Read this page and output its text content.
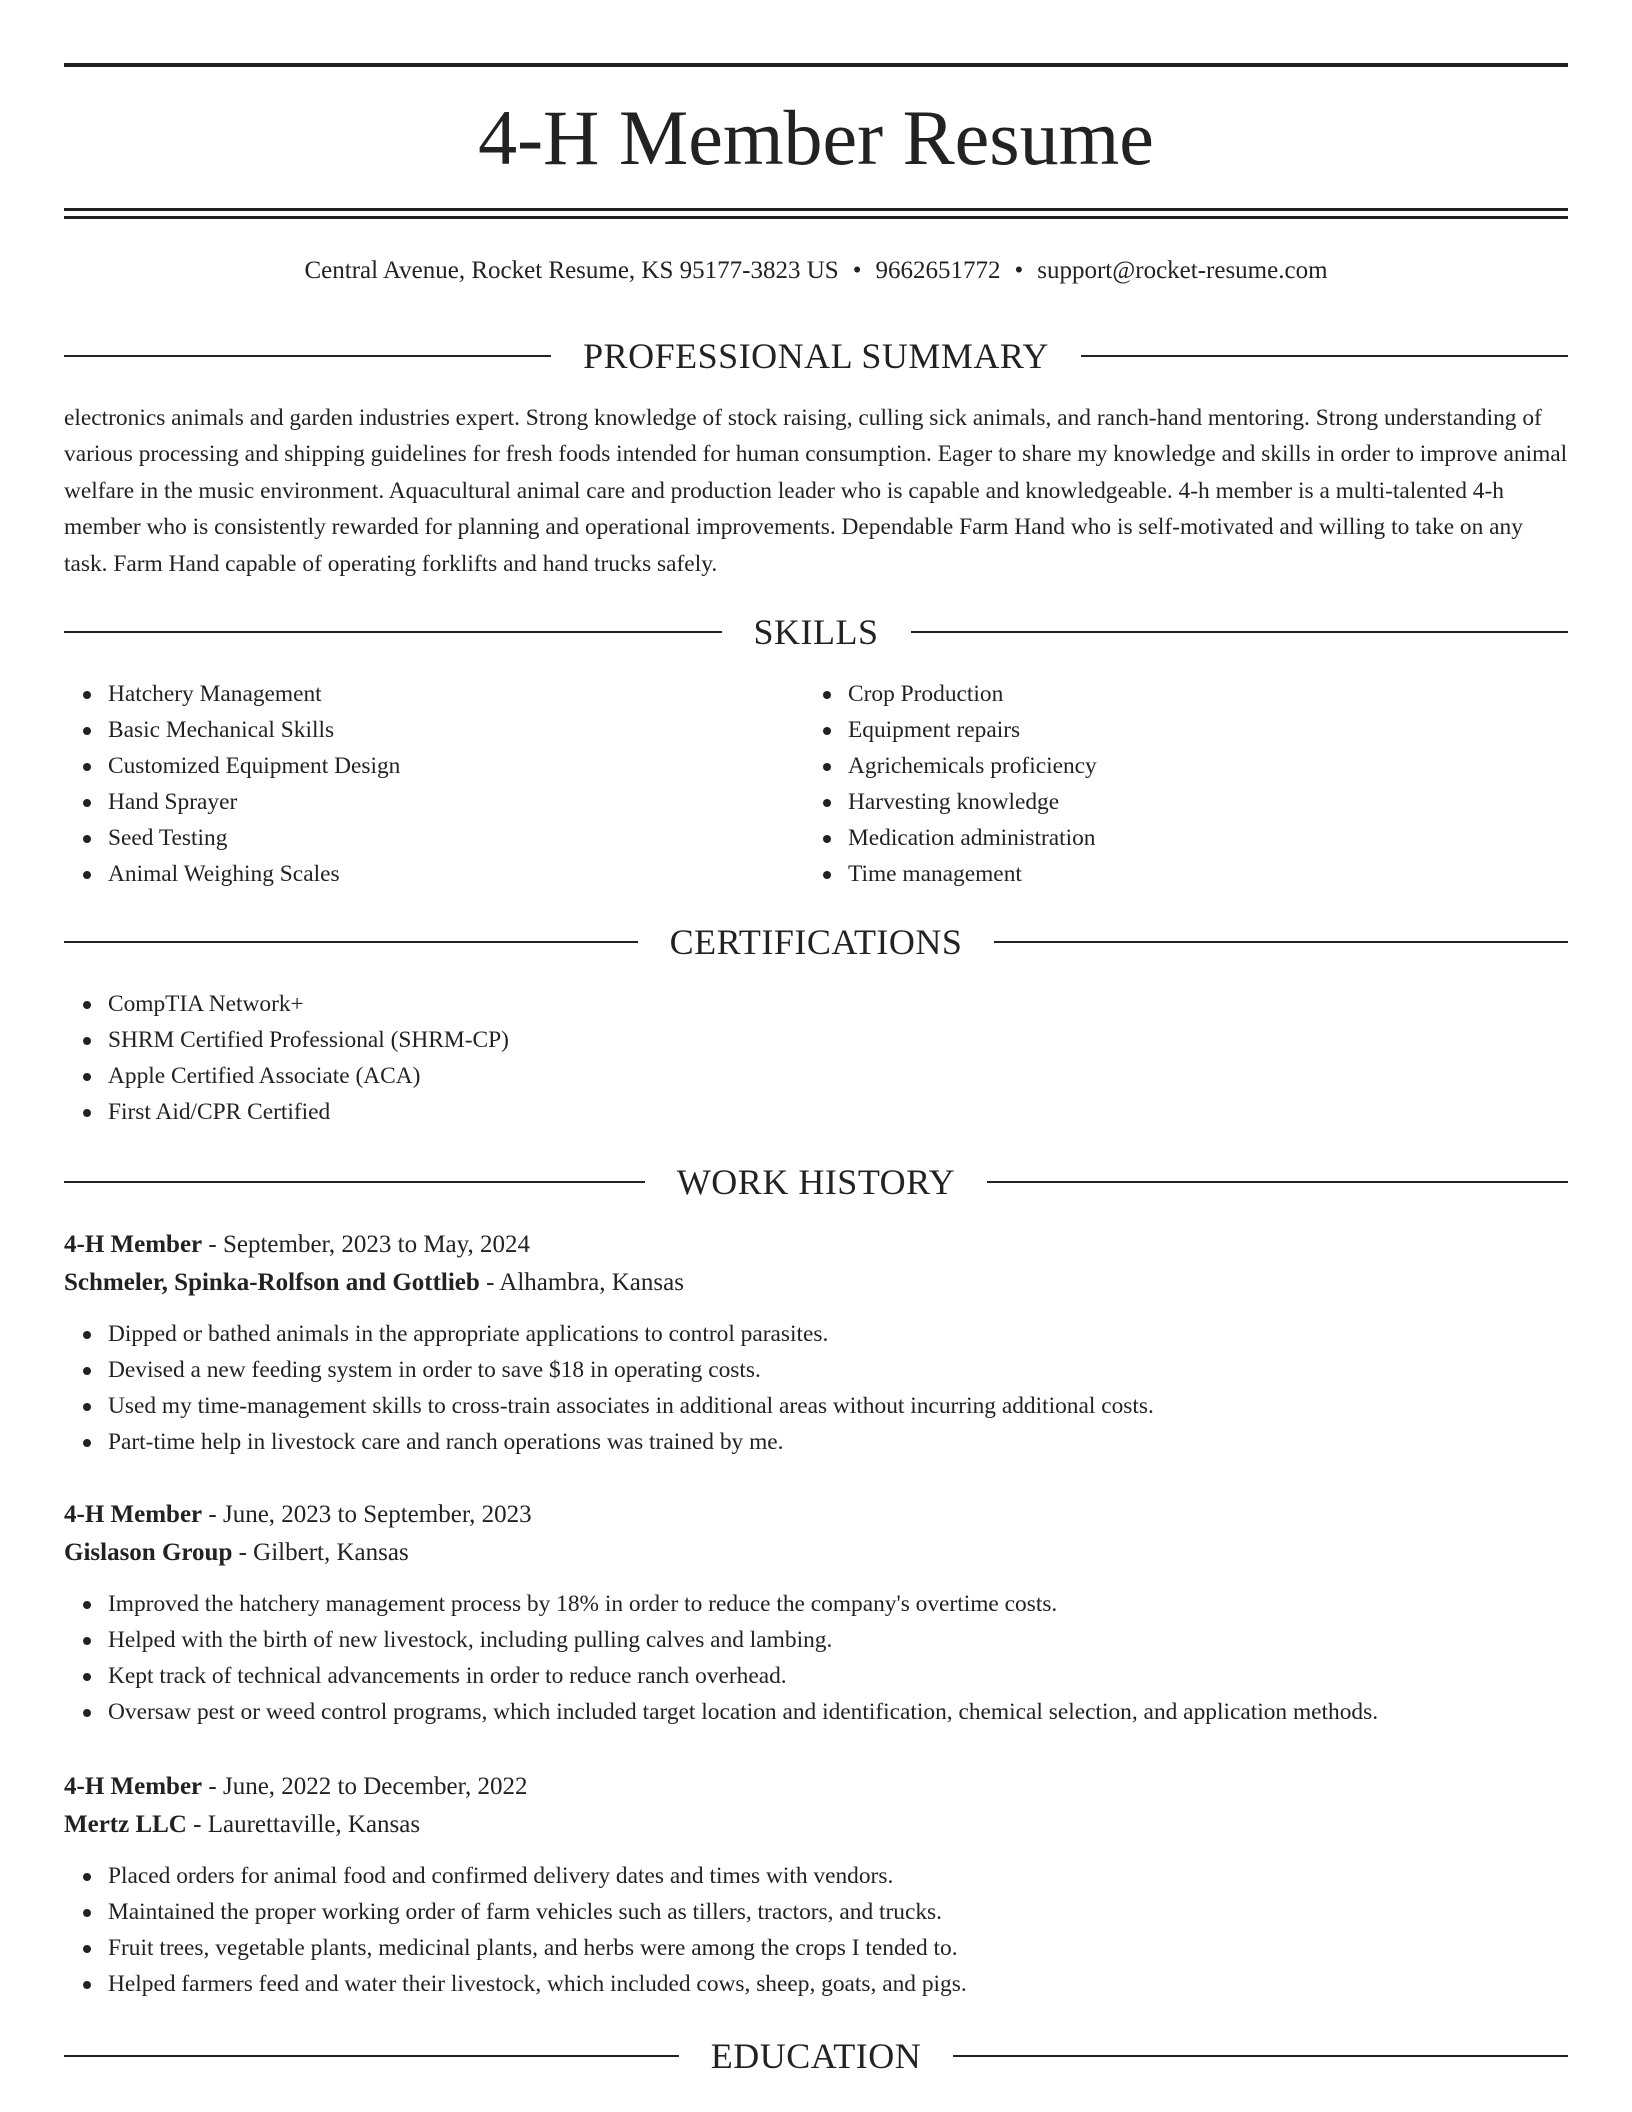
4-H Member Resume
Central Avenue, Rocket Resume, KS 95177-3823 US • 9662651772 • support@rocket-resume.com
PROFESSIONAL SUMMARY

electronics animals and garden industries expert. Strong knowledge of stock raising, culling sick animals, and ranch-hand mentoring. Strong understanding of various processing and shipping guidelines for fresh foods intended for human consumption. Eager to share my knowledge and skills in order to improve animal welfare in the music environment. Aquacultural animal care and production leader who is capable and knowledgeable. 4-h member is a multi-talented 4-h member who is consistently rewarded for planning and operational improvements. Dependable Farm Hand who is self-motivated and willing to take on any task. Farm Hand capable of operating forklifts and hand trucks safely.

SKILLS
Hatchery Management
Basic Mechanical Skills
Customized Equipment Design
Hand Sprayer
Seed Testing
Animal Weighing Scales
Crop Production
Equipment repairs
Agrichemicals proficiency
Harvesting knowledge
Medication administration
Time management
CERTIFICATIONS
CompTIA Network+
SHRM Certified Professional (SHRM-CP)
Apple Certified Associate (ACA)
First Aid/CPR Certified
WORK HISTORY
4-H Member - September, 2023 to May, 2024
Schmeler, Spinka-Rolfson and Gottlieb - Alhambra, Kansas
Dipped or bathed animals in the appropriate applications to control parasites.
Devised a new feeding system in order to save $18 in operating costs.
Used my time-management skills to cross-train associates in additional areas without incurring additional costs.
Part-time help in livestock care and ranch operations was trained by me.
4-H Member - June, 2023 to September, 2023
Gislason Group - Gilbert, Kansas
Improved the hatchery management process by 18% in order to reduce the company's overtime costs.
Helped with the birth of new livestock, including pulling calves and lambing.
Kept track of technical advancements in order to reduce ranch overhead.
Oversaw pest or weed control programs, which included target location and identification, chemical selection, and application methods.
4-H Member - June, 2022 to December, 2022
Mertz LLC - Laurettaville, Kansas
Placed orders for animal food and confirmed delivery dates and times with vendors.
Maintained the proper working order of farm vehicles such as tillers, tractors, and trucks.
Fruit trees, vegetable plants, medicinal plants, and herbs were among the crops I tended to.
Helped farmers feed and water their livestock, which included cows, sheep, goats, and pigs.
EDUCATION
